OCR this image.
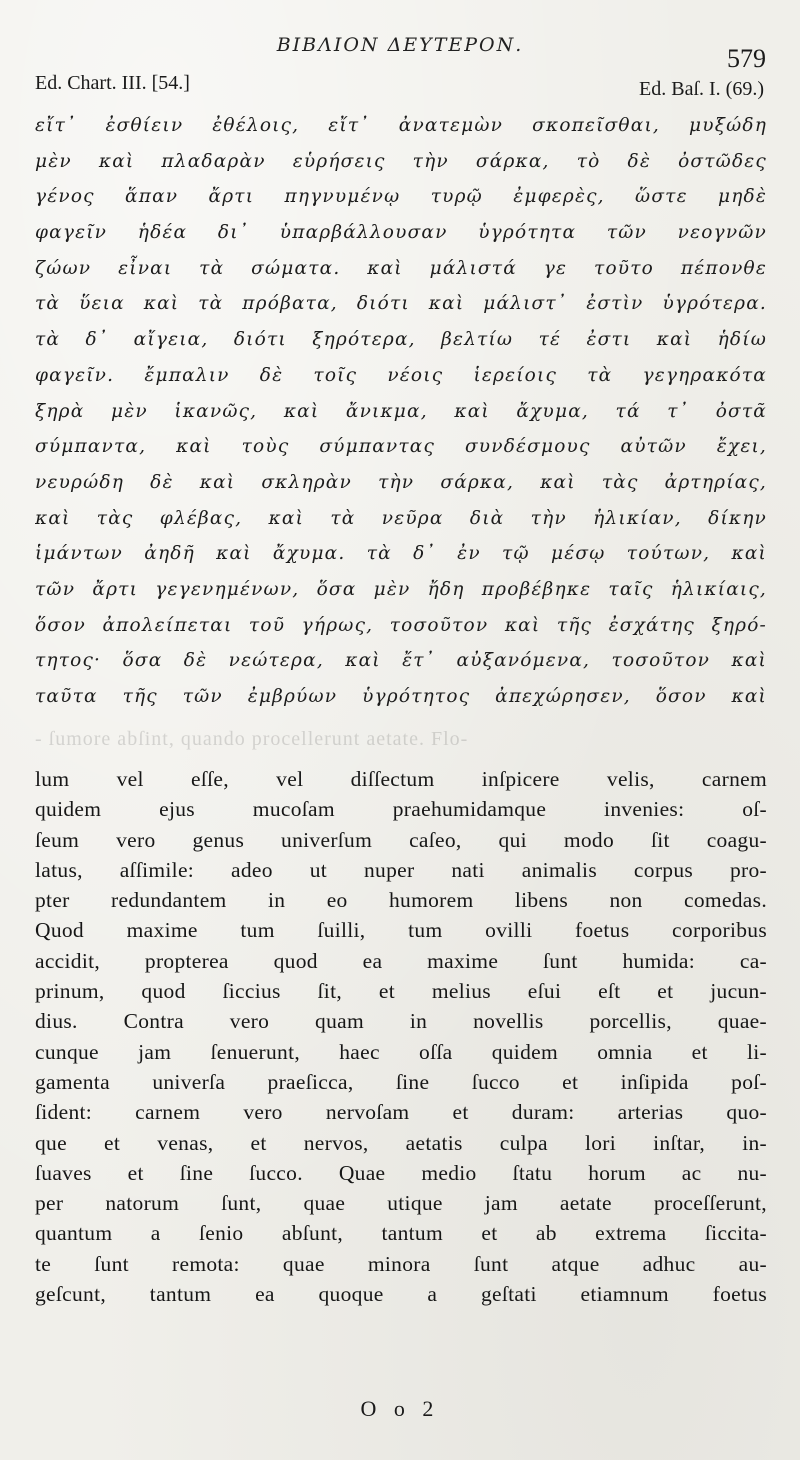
ΒΙΒΛΙΟΝ ΔΕΥΤΕΡΟΝ.	579
Ed. Chart. III. [54.]	Ed. Baſ. I. (69.)
εἴτ᾿ ἐσθίειν ἐθέλοις, εἴτ᾿ ἀνατεμὼν σκοπεῖσθαι, μυξώδη
μὲν καὶ πλαδαρὰν εὑρήσεις τὴν σάρκα, τὸ δὲ ὀστῶδες
γένος ἅπαν ἄρτι πηγνυμένῳ τυρῷ ἐμφερὲς, ὥστε μηδὲ
φαγεῖν ἡδέα δι᾿ ὑπαρβάλλουσαν ὑγρότητα τῶν νεογνῶν
ζώων εἶναι τὰ σώματα. καὶ μάλιστά γε τοῦτο πέπονθε
τὰ ὕεια καὶ τὰ πρόβατα, διότι καὶ μάλιστ᾿ ἐστὶν ὑγρότερα.
τὰ δ᾿ αἴγεια, διότι ξηρότερα, βελτίω τέ ἐστι καὶ ἡδίω
φαγεῖν. ἔμπαλιν δὲ τοῖς νέοις ἱερείοις τὰ γεγηρακότα
ξηρὰ μὲν ἱκανῶς, καὶ ἄνικμα, καὶ ἄχυμα, τά τ᾿ ὀστᾶ
σύμπαντα, καὶ τοὺς σύμπαντας συνδέσμους αὐτῶν ἔχει,
νευρώδη δὲ καὶ σκληρὰν τὴν σάρκα, καὶ τὰς ἀρτηρίας,
καὶ τὰς φλέβας, καὶ τὰ νεῦρα διὰ τὴν ἡλικίαν, δίκην
ἱμάντων ἀηδῆ καὶ ἄχυμα. τὰ δ᾿ ἐν τῷ μέσῳ τούτων, καὶ
τῶν ἄρτι γεγενημένων, ὅσα μὲν ἤδη προβέβηκε ταῖς ἡλικίαις,
ὅσον ἀπολείπεται τοῦ γήρως, τοσοῦτον καὶ τῆς ἐσχάτης ξηρό-
τητος· ὅσα δὲ νεώτερα, καὶ ἔτ᾿ αὐξανόμενα, τοσοῦτον καὶ
ταῦτα τῆς τῶν ἐμβρύων ὑγρότητος ἀπεχώρησεν, ὅσον καὶ
- ſumore abſint, quando procellerunt aetate. Flo-
lum vel eſſe, vel diſſectum inſpicere velis, carnem
quidem ejus mucoſam praehumidamque invenies: oſ-
ſeum vero genus univerſum caſeo, qui modo ſit coagu-
latus, aſſimile: adeo ut nuper nati animalis corpus pro-
pter redundantem in eo humorem libens non comedas.
Quod maxime tum ſuilli, tum ovilli foetus corporibus
accidit, propterea quod ea maxime ſunt humida: ca-
prinum, quod ſiccius ſit, et melius eſui eſt et jucun-
dius. Contra vero quam in novellis porcellis, quae-
cunque jam ſenuerunt, haec oſſa quidem omnia et li-
gamenta univerſa praeſicca, ſine ſucco et inſipida poſ-
ſident: carnem vero nervoſam et duram: arterias quo-
que et venas, et nervos, aetatis culpa lori inſtar, in-
ſuaves et ſine ſucco. Quae medio ſtatu horum ac nu-
per natorum ſunt, quae utique jam aetate proceſſerunt,
quantum a ſenio abſunt, tantum et ab extrema ſiccita-
te ſunt remota: quae minora ſunt atque adhuc au-
geſcunt, tantum ea quoque a geſtati etiamnum foetus
O o 2
